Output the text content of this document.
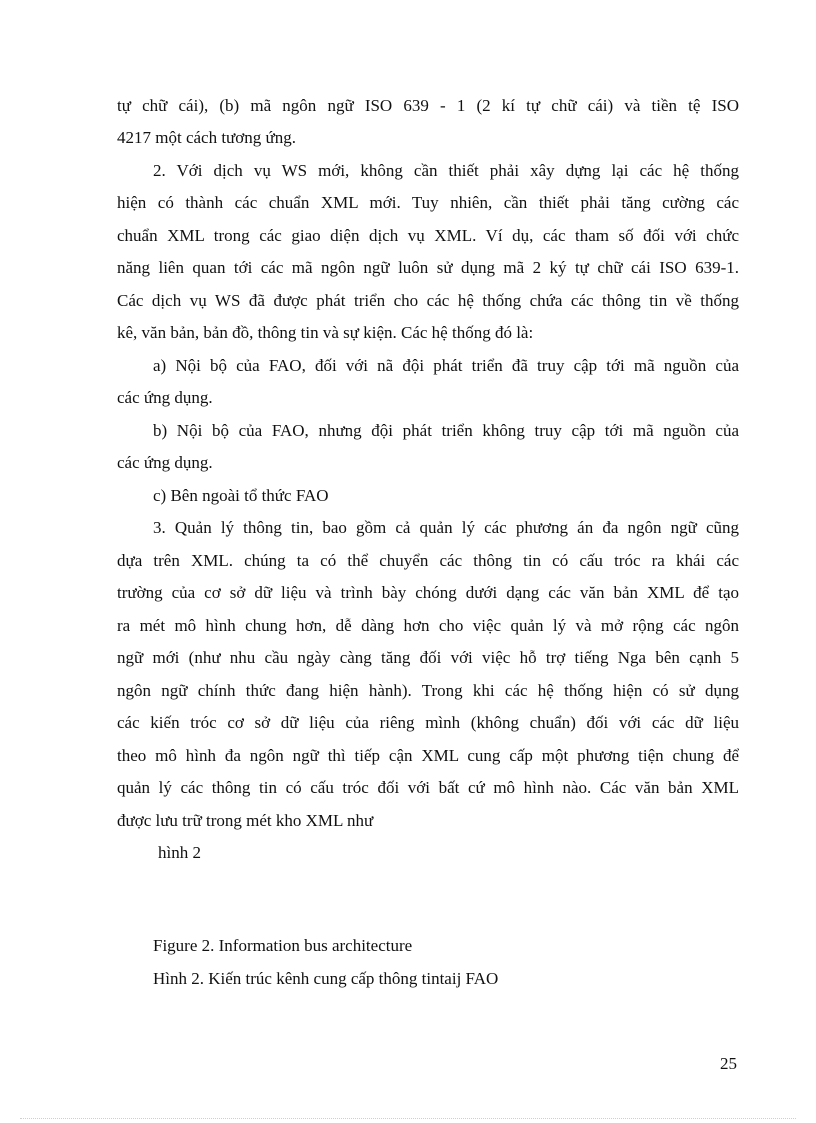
tự chữ cái), (b) mã ngôn ngữ ISO 639 - 1 (2 kí tự chữ cái) và tiền tệ ISO
4217 một cách tương ứng.
2. Với dịch vụ WS mới, không cần thiết phải xây dựng lại các hệ thống
hiện có thành các chuẩn XML mới. Tuy nhiên, cần thiết phải tăng cường các
chuẩn XML trong các giao diện dịch vụ XML. Ví dụ, các tham số đối với chức
năng liên quan tới các mã ngôn ngữ luôn sử dụng mã 2 ký tự chữ cái ISO 639-1.
Các dịch vụ WS đã được phát triển cho các hệ thống chứa các thông tin về thống
kê, văn bản, bản đồ, thông tin và sự kiện. Các hệ thống đó là:
a) Nội bộ của FAO, đối với nã đội phát triển đã truy cập tới mã nguồn của
các ứng dụng.
b) Nội bộ của FAO, nhưng đội phát triển không truy cập tới mã nguồn của
các ứng dụng.
c) Bên ngoài tổ thức FAO
3. Quản lý thông tin, bao gồm cả quản lý các phương án đa ngôn ngữ cũng
dựa trên XML. chúng ta có thể chuyển các thông tin có cấu tróc ra khái các
trường của cơ sở dữ liệu và trình bày chóng dưới dạng các văn bản XML để tạo
ra mét mô hình chung hơn, dễ dàng hơn cho việc quản lý và mở rộng các ngôn
ngữ mới (như nhu cầu ngày càng tăng đối với việc hỗ trợ tiếng Nga bên cạnh 5
ngôn ngữ chính thức đang hiện hành). Trong khi các hệ thống hiện có sử dụng
các kiến tróc cơ sở dữ liệu của riêng mình (không chuẩn) đối với các dữ liệu
theo mô hình đa ngôn ngữ thì tiếp cận XML cung cấp một phương tiện chung để
quản lý các thông tin có cấu tróc đối với bất cứ mô hình nào. Các văn bản XML
được lưu trữ trong mét kho XML như
hình 2
Figure 2. Information bus architecture
Hình 2. Kiến trúc kênh cung cấp thông tintaij FAO
25
